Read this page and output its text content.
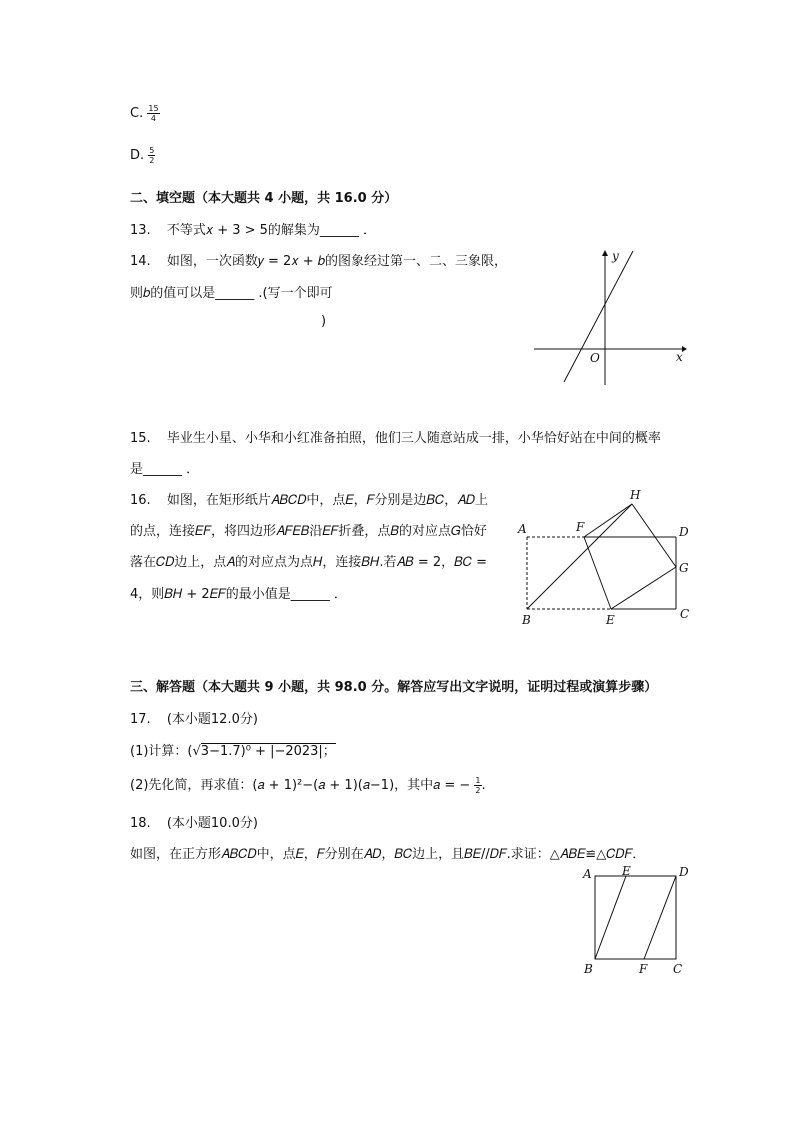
C. $\frac{15}{4}$
D. $\frac{5}{2}$
二、填空题（本大题共 4 小题，共 16.0 分）
13. 不等式𝑥 + 3 > 5的解集为______ ．
14. 如图，一次函数𝑦 = 2𝑥 + 𝑏的图象经过第一、二、三象限，
则𝑏的值可以是______ .(写一个即可
)
y
x
O
15. 毕业生小星、小华和小红准备拍照，他们三人随意站成一排，小华恰好站在中间的概率
是______ ．
16. 如图，在矩形纸片𝐴𝐵𝐶𝐷中，点𝐸，𝐹分别是边𝐵𝐶，𝐴𝐷上
的点，连接𝐸𝐹，将四边形𝐴𝐹𝐸𝐵沿𝐸𝐹折叠，点𝐵的对应点𝐺恰好
落在𝐶𝐷边上，点𝐴的对应点为点𝐻，连接𝐵𝐻.若𝐴𝐵 = 2，𝐵𝐶 =
4，则𝐵𝐻 + 2𝐸𝐹的最小值是______ ．
A
B	C
D
E
F
G
H
三、解答题（本大题共 9 小题，共 98.0 分。解答应写出文字说明，证明过程或演算步骤）
17. (本小题12.0分)
(1)计算：(√3−1.7)⁰ + |−2023|；
(2)先化简，再求值：(𝑎 + 1)²−(𝑎 + 1)(𝑎−1)，其中𝑎 = − $\frac{1}{2}$ .
18. (本小题10.0分)
如图，在正方形𝐴𝐵𝐶𝐷中，点𝐸，𝐹分别在𝐴𝐷，𝐵𝐶边上，且𝐵𝐸//𝐷𝐹.求证：△𝐴𝐵𝐸≌△𝐶𝐷𝐹．
A	E	D
B	F C
